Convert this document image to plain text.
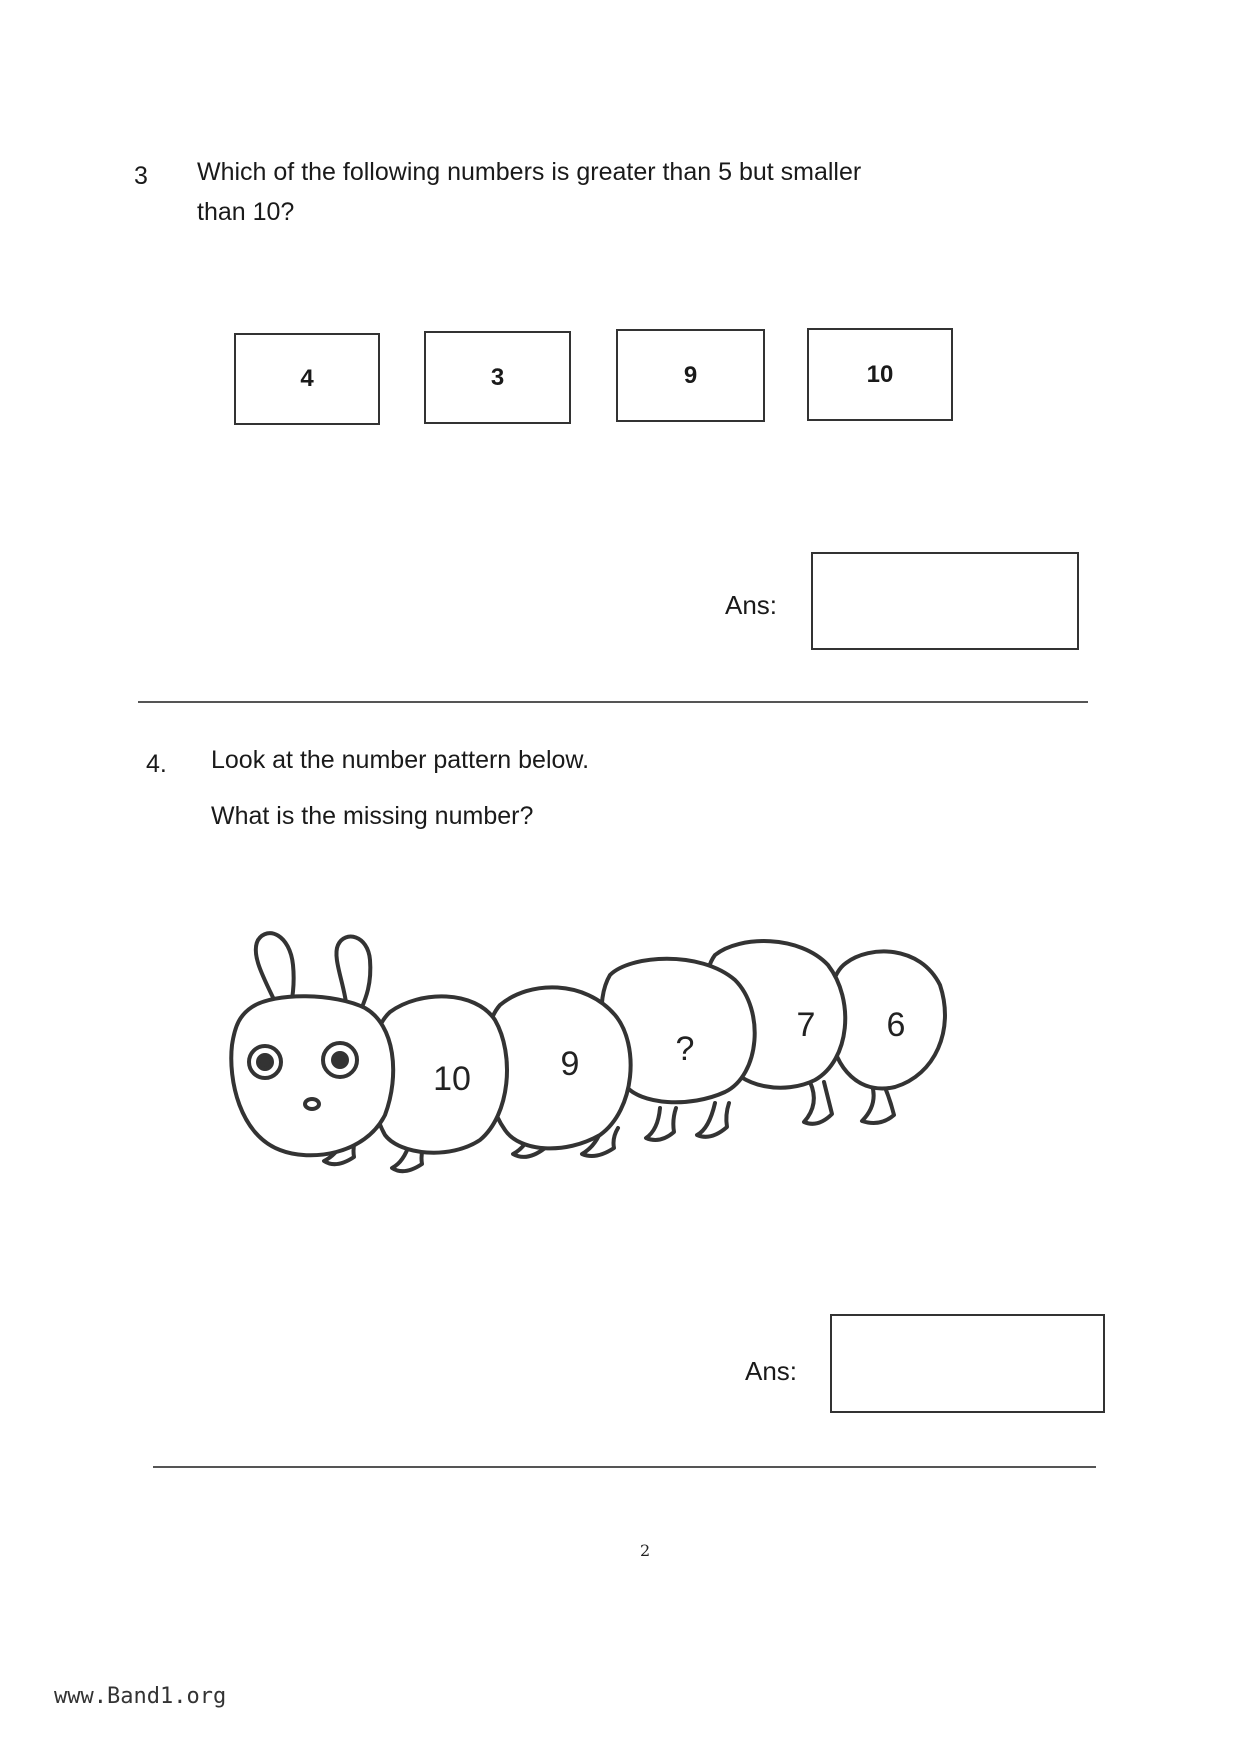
3 Which of the following numbers is greater than 5 but smaller
than 10?
4	3	9	10
Ans:
4. Look at the number pattern below.
What is the missing number?
10	9	?
7 6
Ans:
2
www.Band1.org
